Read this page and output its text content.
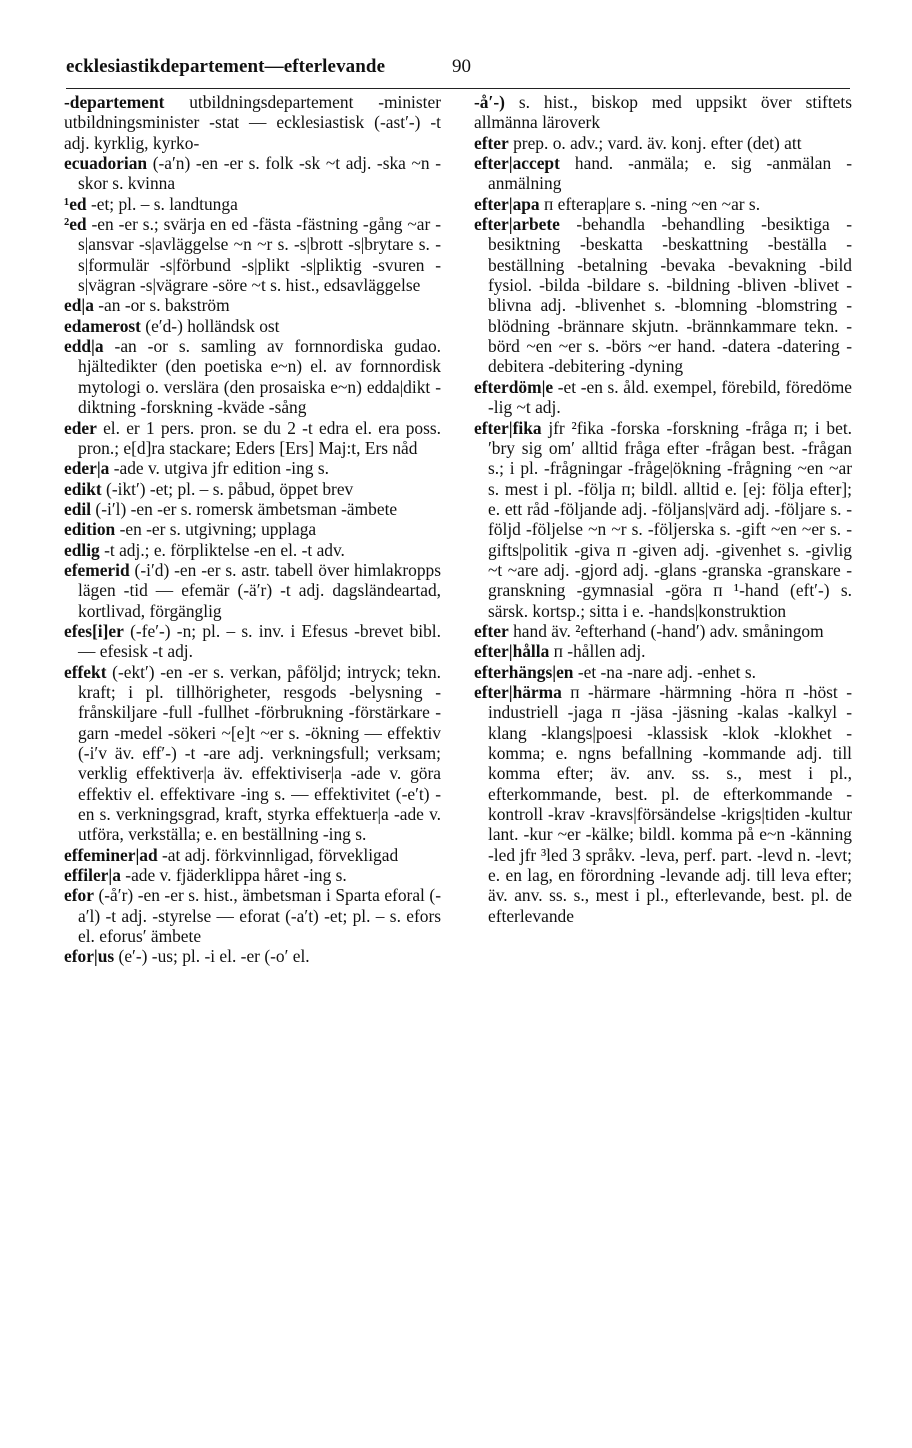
ecklesiastikdepartement—efterlevande	90

-departement utbildningsdepartement -minister utbildningsminister -stat — ecklesiastisk (-ast′-) -t adj. kyrklig, kyrko-

ecuadorian (-a′n) -en -er s. folk -sk ~t adj. -ska ~n -skor s. kvinna

¹ed -et; pl. – s. landtunga

²ed -en -er s.; svärja en ed -fästa -fästning -gång ~ar -s|ansvar -s|avläggelse ~n ~r s. -s|brott -s|brytare s. -s|formulär -s|förbund -s|plikt -s|pliktig -svuren -s|vägran -s|vägrare -söre ~t s. hist., edsavläggelse

ed|a -an -or s. bakström

edamerost (e′d-) holländsk ost

edd|a -an -or s. samling av fornnordiska gudao. hjältedikter (den poetiska e~n) el. av fornnordisk mytologi o. verslära (den prosaiska e~n) edda|dikt -diktning -forskning -kväde -sång

eder el. er 1 pers. pron. se du 2 -t edra el. era poss. pron.; e[d]ra stackare; Eders [Ers] Maj:t, Ers nåd

eder|a -ade v. utgiva jfr edition -ing s.

edikt (-ikt′) -et; pl. – s. påbud, öppet brev

edil (-i′l) -en -er s. romersk ämbetsman -ämbete

edition -en -er s. utgivning; upplaga

edlig -t adj.; e. förpliktelse -en el. -t adv.

efemerid (-i′d) -en -er s. astr. tabell över himlakropps lägen -tid — efemär (-ä′r) -t adj. dagsländeartad, kortlivad, förgänglig

efes[i]er (-fe′-) -n; pl. – s. inv. i Efesus -brevet bibl. — efesisk -t adj.

effekt (-ekt′) -en -er s. verkan, påföljd; intryck; tekn. kraft; i pl. tillhörigheter, resgods -belysning -frånskiljare -full -fullhet -förbrukning -förstärkare -garn -medel -sökeri ~[e]t ~er s. -ökning — effektiv (-i′v äv. eff′-) -t -are adj. verkningsfull; verksam; verklig effektiver|a äv. effektiviser|a -ade v. göra effektiv el. effektivare -ing s. — effektivitet (-e′t) -en s. verkningsgrad, kraft, styrka effektuer|a -ade v. utföra, verkställa; e. en beställning -ing s.

effeminer|ad -at adj. förkvinnligad, förvekligad

effiler|a -ade v. fjäderklippa håret -ing s.

efor (-å′r) -en -er s. hist., ämbetsman i Sparta eforal (-a′l) -t adj. -styrelse — eforat (-a′t) -et; pl. – s. efors el. eforus′ ämbete

efor|us (e′-) -us; pl. -i el. -er (-o′ el.

-å′-) s. hist., biskop med uppsikt över stiftets allmänna läroverk

efter prep. o. adv.; vard. äv. konj. efter (det) att

efter|accept hand. -anmäla; e. sig -anmälan -anmälning

efter|apa ᴨ efterap|are s. -ning ~en ~ar s.

efter|arbete -behandla -behandling -besiktiga -besiktning -beskatta -beskattning -beställa -beställning -betalning -bevaka -bevakning -bild fysiol. -bilda -bildare s. -bildning -bliven -blivet -blivna adj. -blivenhet s. -blomning -blomstring -blödning -brännare skjutn. -brännkammare tekn. -börd ~en ~er s. -börs ~er hand. -datera -datering -debitera -debitering -dyning

efterdöm|e -et -en s. åld. exempel, förebild, föredöme -lig ~t adj.

efter|fika jfr ²fika -forska -forskning -fråga ᴨ; i bet. ′bry sig om′ alltid fråga efter -frågan best. -frågan s.; i pl. -frågningar -fråge|ökning -frågning ~en ~ar s. mest i pl. -följa ᴨ; bildl. alltid e. [ej: följa efter]; e. ett råd -följande adj. -följans|värd adj. -följare s. -följd -följelse ~n ~r s. -följerska s. -gift ~en ~er s. -gifts|politik -giva ᴨ -given adj. -givenhet s. -givlig ~t ~are adj. -gjord adj. -glans -granska -granskare -granskning -gymnasial -göra ᴨ ¹-hand (eft′-) s. särsk. kortsp.; sitta i e. -hands|konstruktion

efter hand äv. ²efterhand (-hand′) adv. småningom

efter|hålla ᴨ -hållen adj.

efterhängs|en -et -na -nare adj. -enhet s.

efter|härma ᴨ -härmare -härmning -höra ᴨ -höst -industriell -jaga ᴨ -jäsa -jäsning -kalas -kalkyl -klang -klangs|poesi -klassisk -klok -klokhet -komma; e. ngns befallning -kommande adj. till komma efter; äv. anv. ss. s., mest i pl., efterkommande, best. pl. de efterkommande -kontroll -krav -kravs|försändelse -krigs|tiden -kultur lant. -kur ~er -kälke; bildl. komma på e~n -känning -led jfr ³led 3 språkv. -leva, perf. part. -levd n. -levt; e. en lag, en förordning -levande adj. till leva efter; äv. anv. ss. s., mest i pl., efterlevande, best. pl. de efterlevande
